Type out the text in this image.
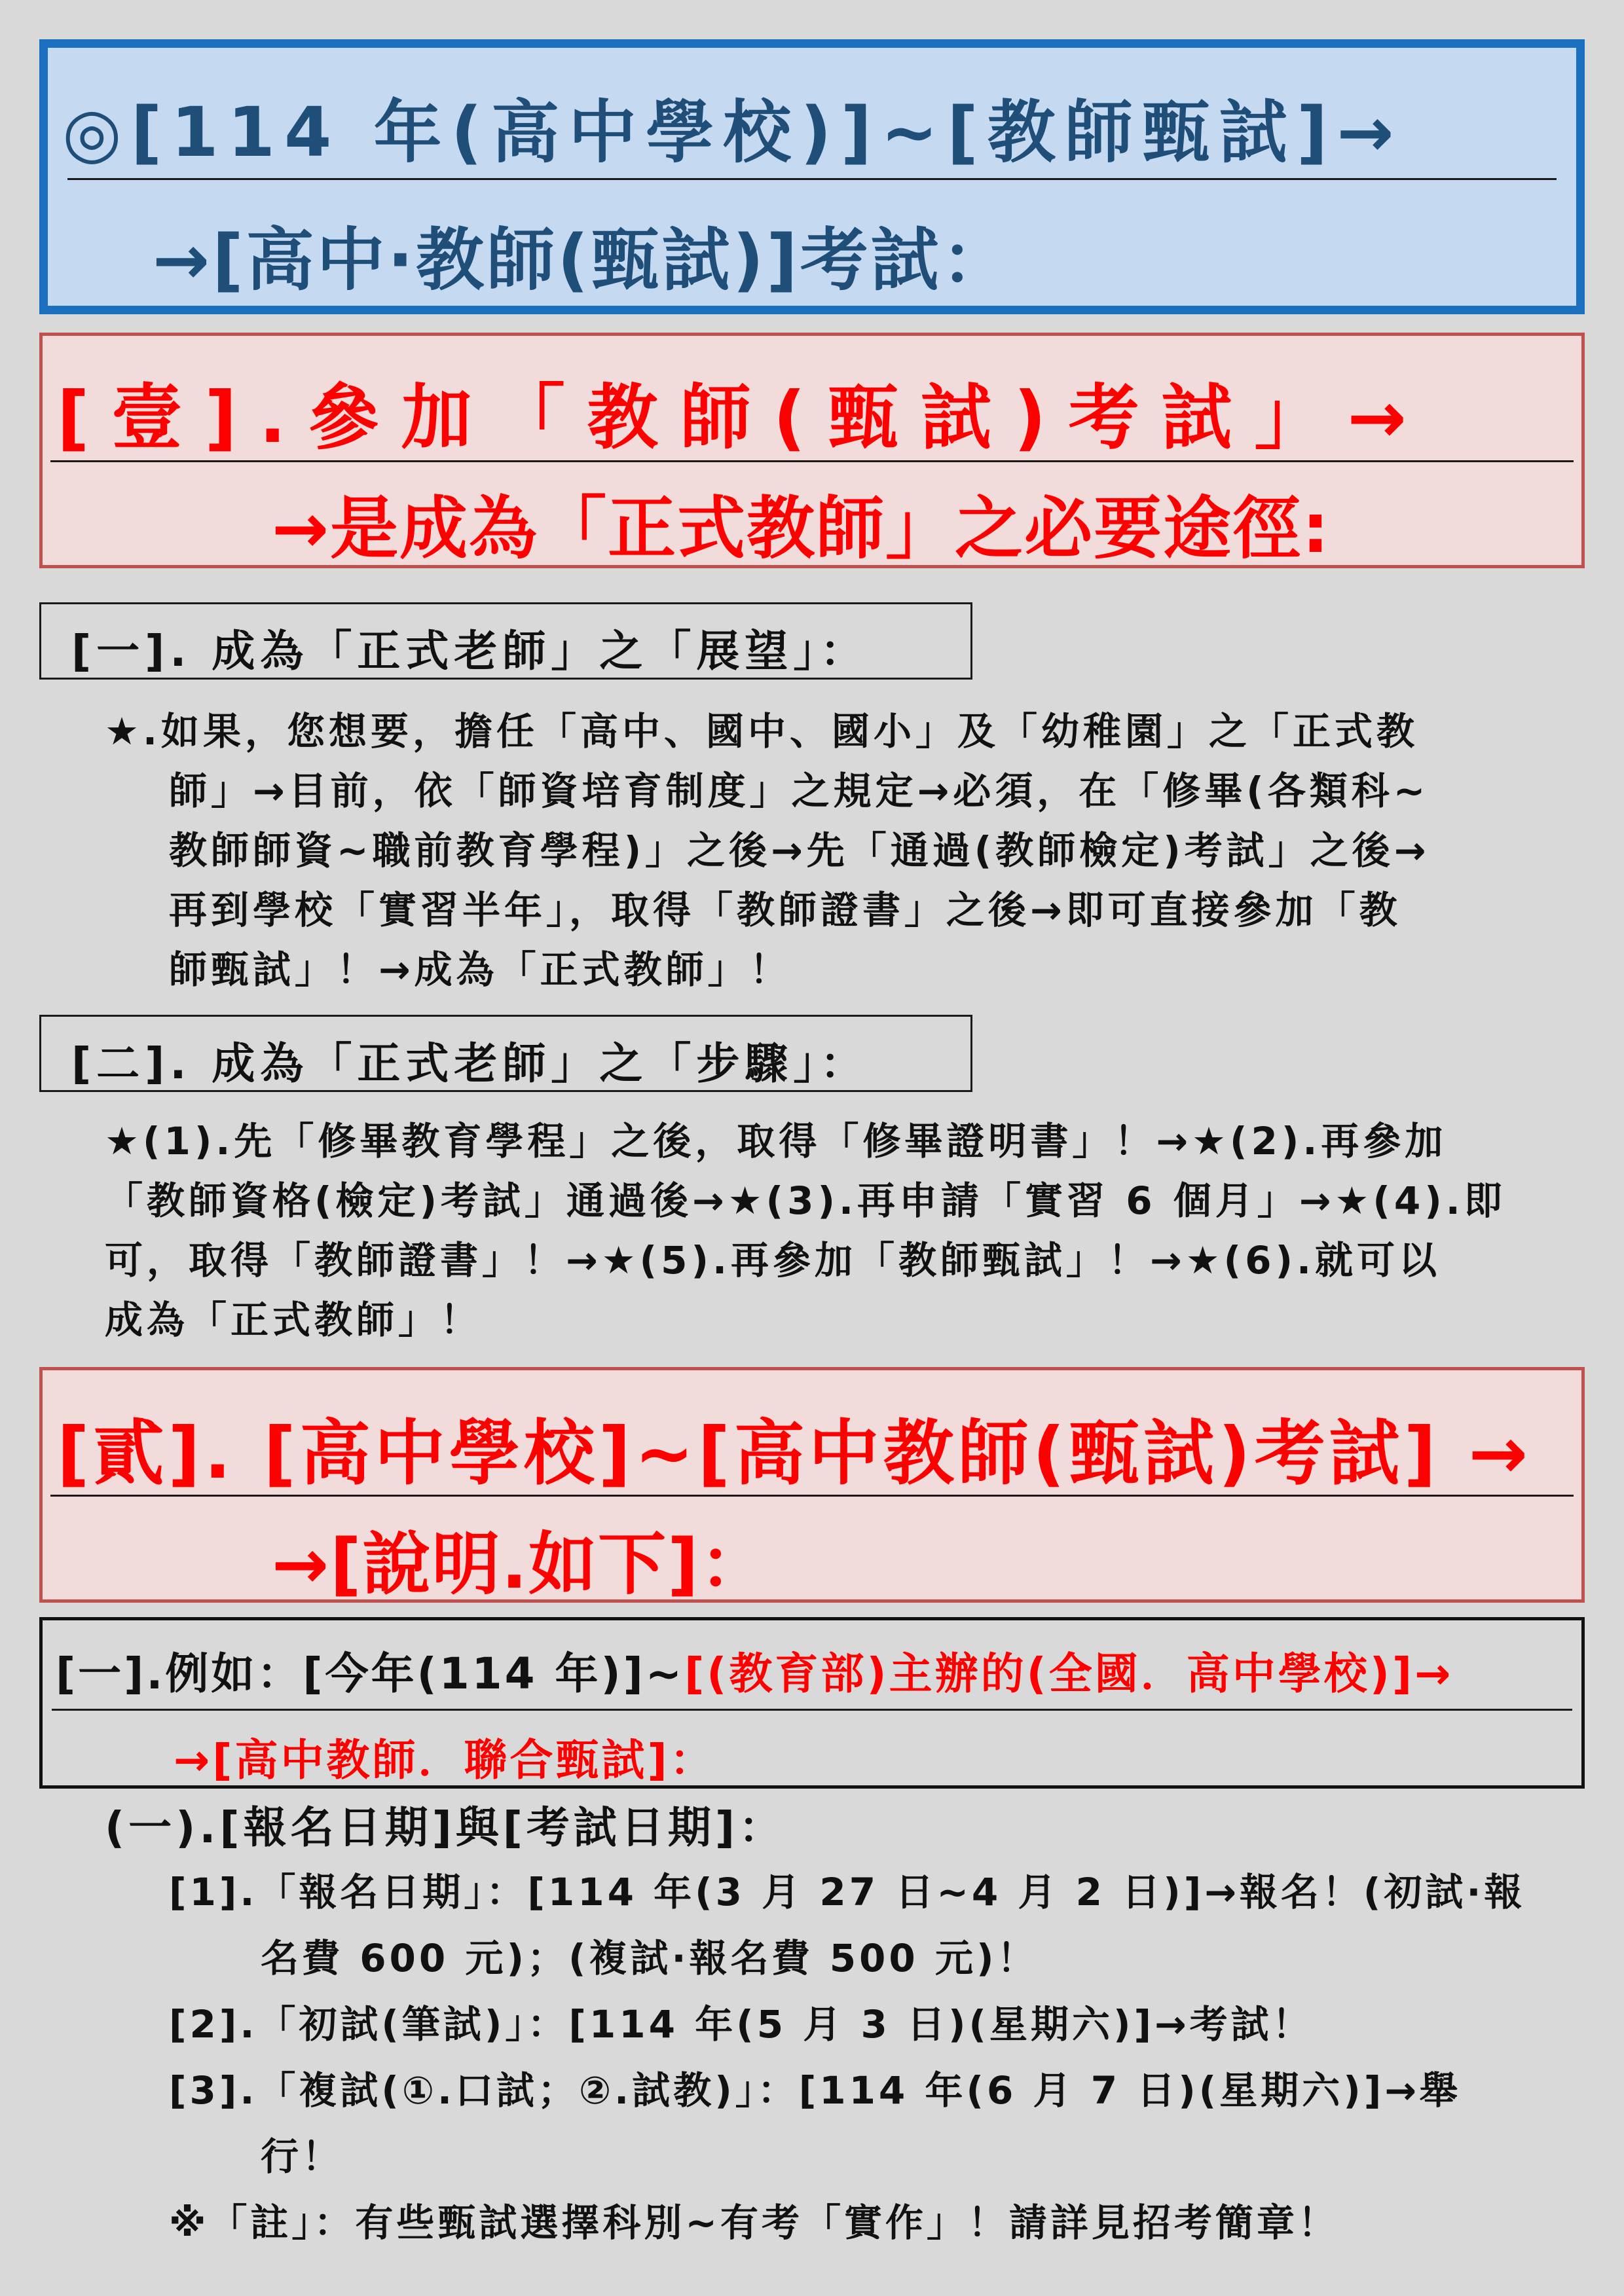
◎[114 年(高中學校)]~[教師甄試]→
→[高中·教師(甄試)]考試：
[壹].參加「教師(甄試)考試」→
→是成為「正式教師」之必要途徑:
[一]. 成為「正式老師」之「展望」：
★.如果，您想要，擔任「高中、國中、國小」及「幼稚園」之「正式教
師」→目前，依「師資培育制度」之規定→必須，在「修畢(各類科~
教師師資~職前教育學程)」之後→先「通過(教師檢定)考試」之後→
再到學校「實習半年」，取得「教師證書」之後→即可直接參加「教
師甄試」！→成為「正式教師」！
[二]. 成為「正式老師」之「步驟」：
★(1).先「修畢教育學程」之後，取得「修畢證明書」！→★(2).再參加
「教師資格(檢定)考試」通過後→★(3).再申請「實習 6 個月」→★(4).即
可，取得「教師證書」！→★(5).再參加「教師甄試」！→★(6).就可以
成為「正式教師」！
[貳]. [高中學校]~[高中教師(甄試)考試] →
→[說明.如下]：
[一].例如：[今年(114 年)]~[(教育部)主辦的(全國．高中學校)]→
→[高中教師．聯合甄試]：
(一).[報名日期]與[考試日期]：
[1].「報名日期」：[114 年(3 月 27 日~4 月 2 日)]→報名！(初試·報
名費 600 元)；(複試·報名費 500 元)！
[2].「初試(筆試)」：[114 年(5 月 3 日)(星期六)]→考試！
[3].「複試(①.口試；②.試教)」：[114 年(6 月 7 日)(星期六)]→舉
行！
※「註」：有些甄試選擇科別~有考「實作」！請詳見招考簡章！
